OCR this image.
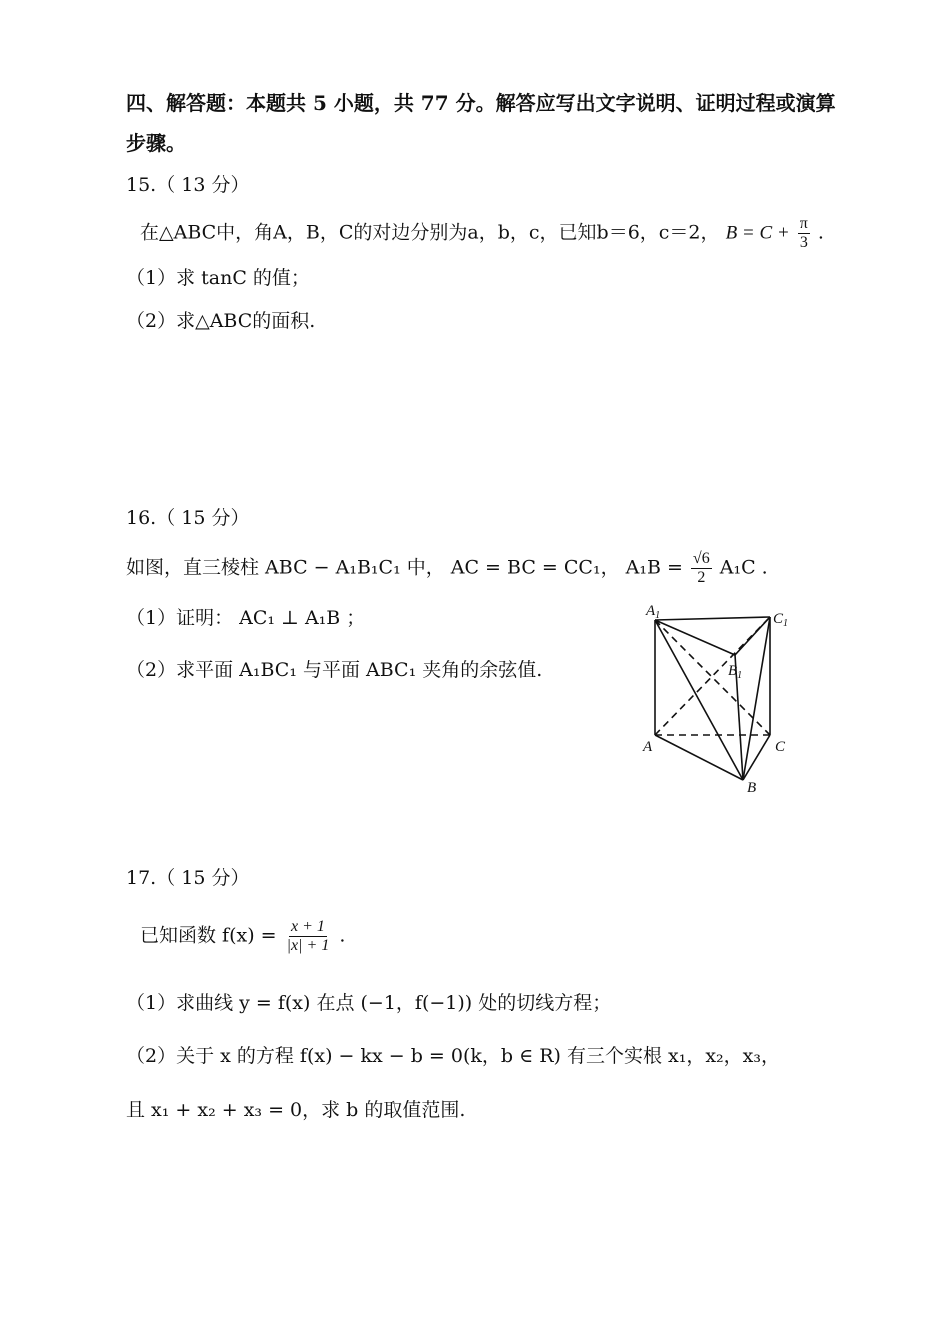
四、解答题：本题共 5 小题，共 77 分。解答应写出文字说明、证明过程或演算
步骤。
15.（ 13 分）
在△ABC中，角A，B，C的对边分别为a，b，c，已知b＝6，c＝2， $B = C + \frac{\pi}{3}$ .
（1）求 tanC 的值；
（2）求△ABC的面积.
16.（ 15 分）
如图，直三棱柱 ABC − A₁B₁C₁ 中， AC = BC = CC₁， $A_1B = \frac{√6}{2} A_1C$ .
（1）证明： AC₁ ⊥ A₁B ；
（2）求平面 A₁BC₁ 与平面 ABC₁ 夹角的余弦值.
$A_1$	$C_1$
$B_1$
A	C
B
17.（ 15 分）
已知函数 $f(x) = \frac{x + 1}{|x| + 1}$ .
（1）求曲线 y = f(x) 在点 (−1，f(−1)) 处的切线方程；
（2）关于 x 的方程 f(x) − kx − b = 0(k，b ∈ R) 有三个实根 x₁，x₂，x₃，
且 x₁ + x₂ + x₃ = 0，求 b 的取值范围.
